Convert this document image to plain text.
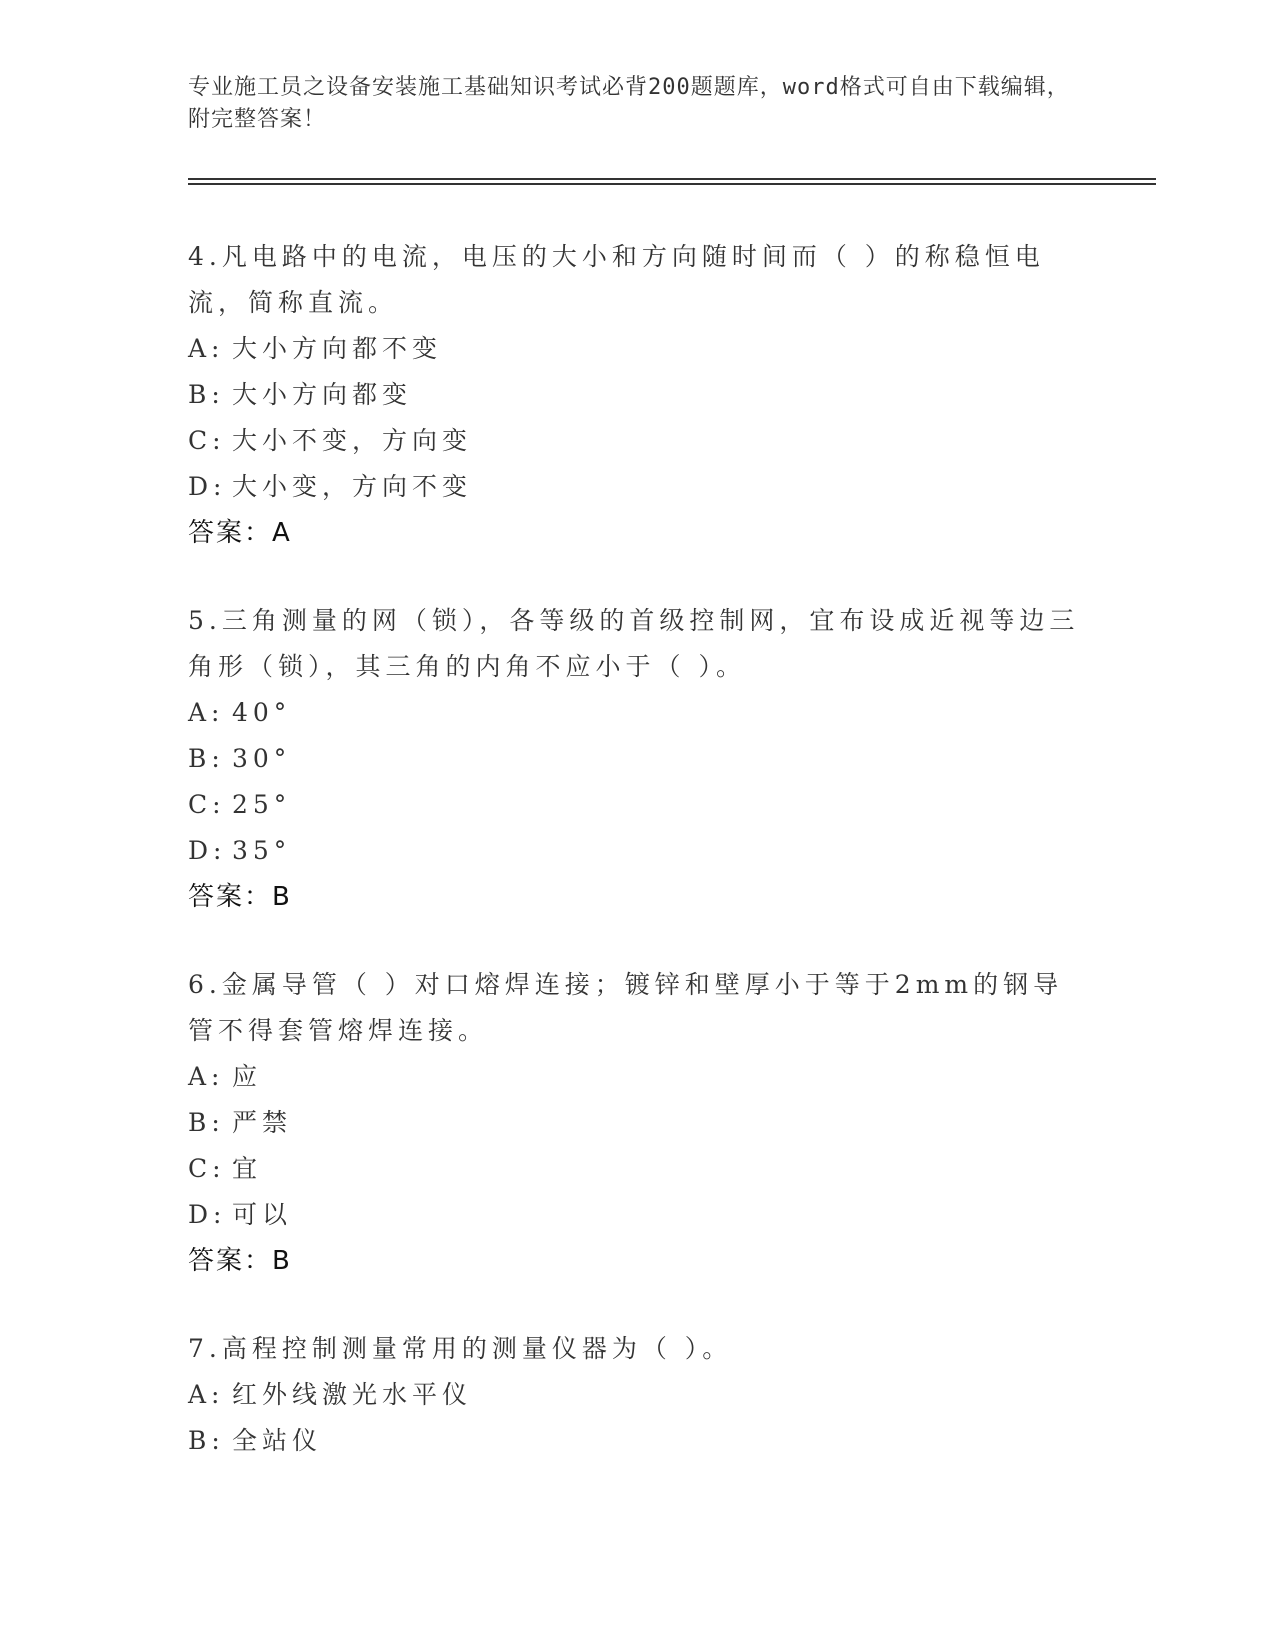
专业施工员之设备安装施工基础知识考试必背200题题库，word格式可自由下载编辑，附完整答案！

4.凡电路中的电流，电压的大小和方向随时间而（ ）的称稳恒电流，简称直流。

A: 大小方向都不变
B: 大小方向都变
C: 大小不变，方向变
D: 大小变，方向不变
答案：A

5.三角测量的网（锁），各等级的首级控制网，宜布设成近视等边三角形（锁），其三角的内角不应小于（ ）。

A: 40°
B: 30°
C: 25°
D: 35°
答案：B

6.金属导管（ ）对口熔焊连接；镀锌和壁厚小于等于2mm的钢导管不得套管熔焊连接。

A: 应
B: 严禁
C: 宜
D: 可以
答案：B

7.高程控制测量常用的测量仪器为（ ）。

A: 红外线激光水平仪
B: 全站仪
